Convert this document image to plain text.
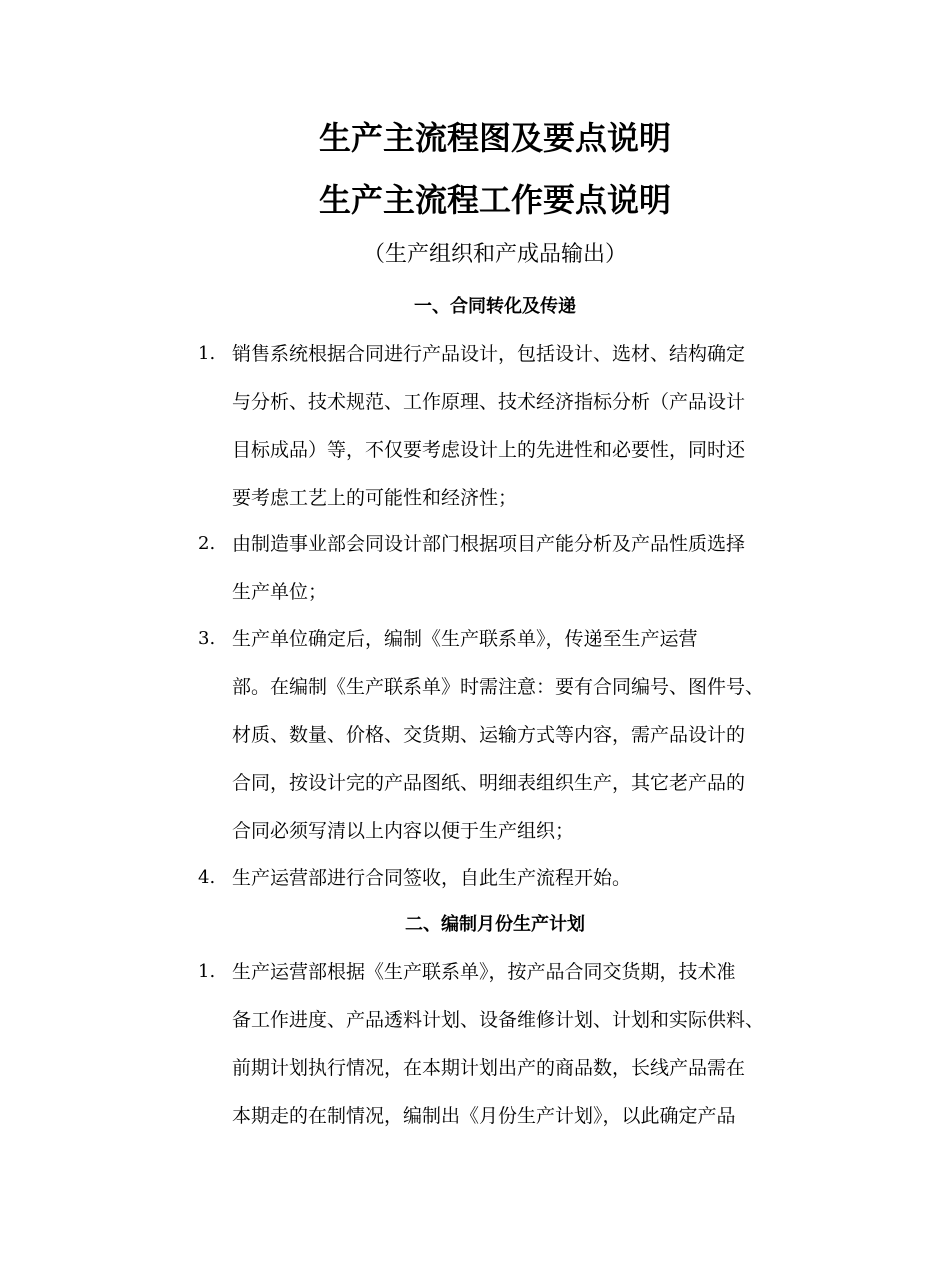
生产主流程图及要点说明
生产主流程工作要点说明

（生产组织和产成品输出）

一、合同转化及传递
1. 销售系统根据合同进行产品设计，包括设计、选材、结构确定
与分析、技术规范、工作原理、技术经济指标分析（产品设计
目标成品）等，不仅要考虑设计上的先进性和必要性，同时还
要考虑工艺上的可能性和经济性；
2. 由制造事业部会同设计部门根据项目产能分析及产品性质选择
生产单位；
3. 生产单位确定后，编制《生产联系单》，传递至生产运营
部。在编制《生产联系单》时需注意：要有合同编号、图件号、
材质、数量、价格、交货期、运输方式等内容，需产品设计的
合同，按设计完的产品图纸、明细表组织生产，其它老产品的
合同必须写清以上内容以便于生产组织；
4. 生产运营部进行合同签收，自此生产流程开始。
二、编制月份生产计划
1. 生产运营部根据《生产联系单》，按产品合同交货期，技术准
备工作进度、产品透料计划、设备维修计划、计划和实际供料、
前期计划执行情况，在本期计划出产的商品数，长线产品需在
本期走的在制情况，编制出《月份生产计划》，以此确定产品
